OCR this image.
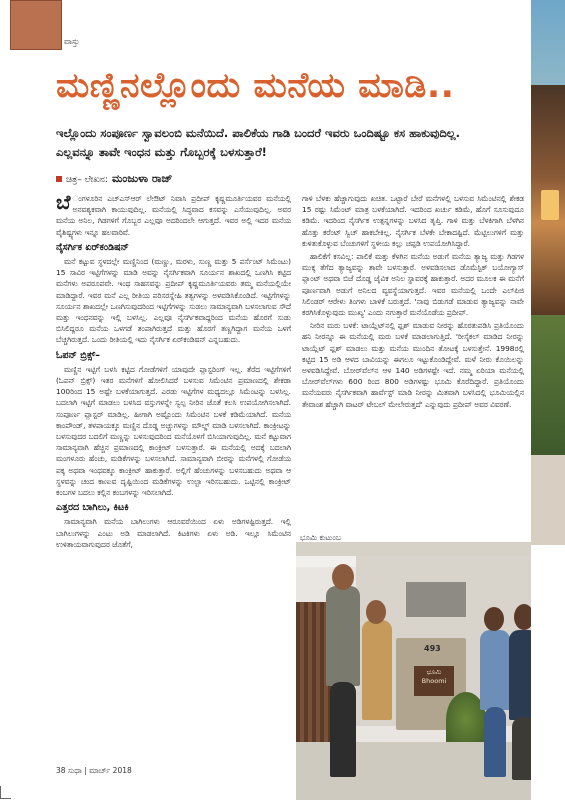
ವಾಸ್ತು
ಮಣ್ಣಿನಲ್ಲೊಂದು ಮನೆಯ ಮಾಡಿ..
ಇಲ್ಲೊಂದು ಸಂಪೂರ್ಣ ಸ್ವಾವಲಂಬಿ ಮನೆಯಿದೆ. ಪಾಲಿಕೆಯ ಗಾಡಿ ಬಂದರೆ ಇವರು ಒಂದಿಷ್ಟೂ ಕಸ ಹಾಕುವುದಿಲ್ಲ. ಎಲ್ಲವನ್ನೂ ತಾವೇ ಇಂಧನ ಮತ್ತು ಗೊಬ್ಬರಕ್ಕೆ ಬಳಸುತ್ತಾರೆ!
ಚಿತ್ರ– ಲೇಖನ: ಮಂಜುಳಾ ರಾಜ್

ಬೆ ಂಗಳೂರಿನ ಎಚ್‌ಎಸ್‌ಆರ್ ಲೇಔಟ್ ನಿವಾಸಿ ಪ್ರದೀಪ್ ಕೃಷ್ಣಮೂರ್ತಿಯವರ ಮನೆಯಲ್ಲಿ ಅನವಶ್ಯಕವಾಗಿ ಕಾಯುವುದಿಲ್ಲ. ಮನೆಯಲ್ಲಿ ಸಿದ್ಧವಾದ ಕಸವನ್ನು ಎಸೆಯುವುದಿಲ್ಲ. ಅವರ ಮನೆಯ ಅನಿಲ, ಗಿಡಗಳಿಗೆ ಗೊಬ್ಬರ ಎಲ್ಲವೂ ಅದರಿಂದಲೇ ಆಗುತ್ತದೆ. ಇವರ ಅಲ್ಲಿ ಇದರ ಮನೆಯ ವೈಶಿಷ್ಟ್ಯಗಳು ಇನ್ನೂ ಹಲವಾರಿವೆ.

ನೈಸರ್ಗಿಕ ಏರ್‌ಕಂಡಿಷನ್

ಮನೆ ಕಟ್ಟುವ ಸ್ಥಳದಲ್ಲೇ ಮಣ್ಣಿನಿಂದ (ಮಣ್ಣು, ಮರಳು, ಸುಣ್ಣ ಮತ್ತು 5 ಪರ್ಸೆಂಟ್ ಸಿಮೆಂಟು) 15 ಸಾವಿರ ಇಟ್ಟಿಗೆಗಳನ್ನು ಮಾಡಿ ಅವನ್ನು ನೈಸರ್ಗಿಕವಾಗಿ ಸೂರ್ಯನ ಶಾಖದಲ್ಲಿ ಒಣಗಿಸಿ ಕಟ್ಟಿದ ಮನೆಗಳು ಅಪರೂಪವೇ. ಇಂಥ ಸಾಹಸವನ್ನು ಪ್ರದೀಪ್ ಕೃಷ್ಣಮೂರ್ತಿಯವರು ತಮ್ಮ ಮನೆಯಲ್ಲಿಯೇ ಮಾಡಿದ್ದಾರೆ. ಇವರ ಮನೆ ಎಲ್ಲ ರೀತಿಯ ಪರಿಸರಸ್ನೇಹಿ ತತ್ವಗಳನ್ನು ಅಳವಡಿಸಿಕೊಂಡಿದೆ. ಇಟ್ಟಿಗೆಗಳನ್ನು ಸೂರ್ಯನ ಶಾಖದಲ್ಲೇ ಒಣಗಿಸುವುದರಿಂದ ಇಟ್ಟಿಗೆಗಳನ್ನು ಸುಡಲು ಸಾಮಾನ್ಯವಾಗಿ ಬಳಸಲಾಗುವ ಸೌದೆ ಮತ್ತು ಇಂಧನವನ್ನು ಇಲ್ಲಿ ಬಳಸಿಲ್ಲ. ಎಲ್ಲವೂ ನೈಸರ್ಗಿಕವಾದ್ದರಿಂದ ಮನೆಯ ಹೊರಗೆ ಸುಡು ಬಿಸಿಲಿದ್ದರೂ ಮನೆಯ ಒಳಗಡೆ ತಂಪಾಗಿರುತ್ತದೆ ಮತ್ತು ಹೊರಗೆ ತಣ್ಣಗಿದ್ದಾಗ ಮನೆಯ ಒಳಗೆ ಬೆಚ್ಚಗಿರುತ್ತದೆ. ಒಂದು ರೀತಿಯಲ್ಲಿ ಇದು ನೈಸರ್ಗಿಕ ಏರ್‌ಕಂಡಿಷನ್ ಎನ್ನಬಹುದು.

ಓಪನ್ ಬ್ರಿಕ್ಸ್‌–

ಮಣ್ಣಿನ ಇಟ್ಟಿಗೆ ಬಳಸಿ ಕಟ್ಟಿದ ಗೋಡೆಗಳಿಗೆ ಯಾವುದೇ ಪ್ಲಾಸ್ಟರಿಂಗ್ ಇಲ್ಲ. ತೆರೆದ ಇಟ್ಟಿಗೆಗಳಿಗೆ (ಓಪನ್ ಬ್ರಿಕ್ಸ್) ಇತರ ಮನೆಗಳಿಗೆ ಹೋಲಿಸಿದರೆ ಬಳಸುವ ಸಿಮೆಂಟಿನ ಪ್ರಮಾಣದಲ್ಲಿ ಶೇಕಡಾ 100ರಿಂದ 15 ಅಷ್ಟೇ ಬಳಕೆಯಾಗುತ್ತದೆ. ಎರಡು ಇಟ್ಟಿಗೆಗಳ ಮಧ್ಯದಲ್ಲೂ ಸಿಮೆಂಟನ್ನು ಬಳಸಿಲ್ಲ. ಬದಲಾಗಿ ಇಟ್ಟಿಗೆ ಮಾಡಲು ಬಳಸಿದ ವಸ್ತುಗಳನ್ನೇ ಸ್ವಲ್ಪ ನೀರಿನ ಜೊತೆ ಕಲಸಿ ಉಪಯೋಗಿಸಲಾಗಿದೆ. ಸಂಪೂರ್ಣ ಪ್ಲಾಸ್ಟರ್ ಮಾಡಿಲ್ಲ. ಹೀಗಾಗಿ ಅಷ್ಟೊಂದು ಸಿಮೆಂಟಿನ ಬಳಕೆ ಕಡಿಮೆಯಾಗಿದೆ. ಮನೆಯ ಕಾಂಪೌಂಡ್, ತಳಪಾಯಕ್ಕೂ ಮಣ್ಣಿನ ದೊಡ್ಡ ಅಚ್ಚುಗಳನ್ನು ಮೌಲ್ಡ್ ಮಾಡಿ ಬಳಸಲಾಗಿದೆ. ಕಾಂಕ್ರೀಟನ್ನು ಬಳಸುವುದರ ಬದಲಿಗೆ ಮಣ್ಣನ್ನು ಬಳಸುವುದರಿಂದ ಮನೆಯೊಳಗೆ ಬಿಸಿಯಾಗುವುದಿಲ್ಲ. ಮನೆ ಕಟ್ಟುವಾಗ ಸಾಮಾನ್ಯವಾಗಿ ಹೆಚ್ಚಿನ ಪ್ರಮಾಣದಲ್ಲಿ ಕಾಂಕ್ರೀಟ್ ಬಳಸುತ್ತಾರೆ. ಈ ಮನೆಯಲ್ಲಿ ಅದಕ್ಕೆ ಬದಲಾಗಿ ಮಂಗಳೂರು ಹೆಂಚು, ಮಡಿಕೆಗಳನ್ನು ಬಳಸಲಾಗಿದೆ. ಸಾಮಾನ್ಯವಾಗಿ ಬೀರನ್ನು ಮನೆಗಳಲ್ಲಿ ಗೋಡೆಯ ಪಕ್ಕ ಅಥವಾ ಇಂಥವಕ್ಕೂ ಕಾಂಕ್ರೀಟ್ ಹಾಕುತ್ತಾರೆ. ಅಲ್ಲಿಗೆ ಹೆಂಚುಗಳನ್ನು ಬಳಸಬಹುದು ಅಥವಾ ಆ ಸ್ಥಳವನ್ನು ಚಂದ ಕಾಣುವ ದೃಷ್ಟಿಯಿಂದ ಮಡಿಕೆಗಳನ್ನು ಉಲ್ಟಾ ಇರಿಸಬಹುದು. ಒಟ್ಟಿನಲ್ಲಿ ಕಾಂಕ್ರೀಟ್ ಕಂಬಗಳ ಬದಲು ಕಲ್ಲಿನ ಕಂಬಗಳನ್ನು ಇರಿಸಲಾಗಿದೆ.

ಎತ್ತರದ ಬಾಗಿಲು, ಕಿಟಕಿ

ಸಾಮಾನ್ಯವಾಗಿ ಮನೆಯ ಬಾಗಿಲುಗಳು ಆರೂವರೆಯಿಂದ ಏಳು ಅಡಿಗಳಷ್ಟಿರುತ್ತದೆ. ಇಲ್ಲಿ ಬಾಗಿಲುಗಳನ್ನು ಎಂಟು ಅಡಿ ಮಾಡಲಾಗಿದೆ. ಕಿಟಕಿಗಳು ಏಳು ಅಡಿ. ಇಲ್ಲೂ ಸಿಮೆಂಟಿನ ಉಳಿತಾಯವಾಗುವುದರ ಜೊತೆಗೆ,

ಗಾಳಿ ಬೆಳಕು ಹೆಚ್ಚಾಗುವುದು ಖಚಿತ. ಒಟ್ಟಾರೆ ಬೇರೆ ಮನೆಗಳಲ್ಲಿ ಬಳಸುವ ಸಿಮೆಂಟಿನಲ್ಲಿ ಶೇಕಡ 15 ರಷ್ಟು ಸಿಮೆಂಟ್ ಮಾತ್ರ ಬಳಕೆಯಾಗಿದೆ. ಇದರಿಂದ ಖರ್ಚು ಕಡಿಮೆ, ಹೊಗೆ ಸೂಸುವುದೂ ಕಡಿಮೆ. ಇದರಿಂದ ನೈಸರ್ಗಿಕ ಉತ್ಪನ್ನಗಳನ್ನು ಬಳಸಿದ ತೃಪ್ತಿ. ಗಾಳಿ ಮತ್ತು ಬೆಳಕಿಗಾಗಿ ಬೆಳಗಿನ ಹೊತ್ತು ಕರೆಂಟ್ ಸ್ವಿಚ್ ಹಾಕಬೇಕಿಲ್ಲ. ನೈಸರ್ಗಿಕ ಬೆಳಕೇ ಬೇಕಾದಷ್ಟಿದೆ. ಮೆಟ್ಟಿಲುಗಳಿಗೆ ಮತ್ತು ಕುಳಿತುಕೊಳ್ಳುವ ಬೆಂಚುಗಳಿಗೆ ಸ್ಥಳೀಯ ಕಲ್ಲು ಚಪ್ಪಡಿ ಉಪಯೋಗಿಸಿದ್ದಾರೆ.

ಹಾಲಿಕೆಗೆ ಕಸವಿಲ್ಲ: ಪಾಲಿಕೆ ಮತ್ತು ಕೆಳಗಿನ ಮನೆಯ ಅಡುಗೆ ಮನೆಯ ತ್ಯಾಜ್ಯ ಮತ್ತು ಗಿಡಗಳ ಮುಕ್ಕ ತೆಗೆದ ತ್ಯಾಜ್ಯವನ್ನು ತಾವೇ ಬಳಸುತ್ತಾರೆ. ಅಳವಡಿಸಲಾದ ಡೊಮೆಸ್ಟಿಕ್ ಬಯೋಗ್ಯಾಸ್ ಪ್ಲಾಂಟ್ ಅಥವಾ ಬಿಜೆ ದೊಡ್ಡ ಜೈವಿಕ ಅನಿಲ ಸ್ಥಾವರಕ್ಕೆ ಹಾಕುತ್ತಾರೆ. ಅದರ ಮೂಲಕ ಈ ಮನೆಗೆ ಪೂರ್ಣವಾಗಿ ಅಡುಗೆ ಅನಿಲದ ವ್ಯವಸ್ಥೆಯಾಗುತ್ತದೆ. ಇವರ ಮನೆಯಲ್ಲಿ ಒಂದೇ ಎಲ್‌ಪಿಜಿ ಸಿಲಿಂಡರ್ ಆರೇಳು ತಿಂಗಳು ಬಾಳಿಕೆ ಬರುತ್ತದೆ. 'ನಾವು ಬಿಡುಗಡೆ ಮಾಡುವ ತ್ಯಾಜ್ಯವನ್ನು ನಾವೇ ಕರಗಿಸಿಕೊಳ್ಳುವುದು ಮುಖ್ಯ' ಎಂದು ನಗುತ್ತಾರೆ ಮನೆಯೊಡೆಯ ಪ್ರದೀಪ್.

ನೀರಿನ ಮರು ಬಳಕೆ: ಟಾಯ್ಲೆಟ್‌ನಲ್ಲಿ ಫ್ಲಶ್ ಮಾಡುವ ನೀರನ್ನು ಹೊರತುಪಡಿಸಿ ಪ್ರತಿಯೊಂದು ಹನಿ ನೀರನ್ನೂ ಈ ಮನೆಯಲ್ಲಿ ಮರು ಬಳಕೆ ಮಾಡಲಾಗುತ್ತಿದೆ. 'ರೀಸೈಕಲ್ ಮಾಡಿದ ನೀರನ್ನು ಟಾಯ್ಲೆಟ್ ಫ್ಲಶ್ ಮಾಡಲು ಮತ್ತು ಮನೆಯ ಮುಂದಿನ ತೋಟಕ್ಕೆ ಬಳಸುತ್ತೇನೆ. 1998ರಲ್ಲಿ ಕಟ್ಟಿದ 15 ಅಡಿ ಆಳದ ಬಾವಿಯನ್ನು ಈಗಲೂ ಇಟ್ಟುಕೊಂಡಿದ್ದೇವೆ. ಮಳೆ ನೀರು ಕೊಯಿಲನ್ನು ಅಳವಡಿಸಿದ್ದೇವೆ. ಬೋರ್‌ವೆಲ್‌ನ ಆಳ 140 ಅಡಿಗಳಷ್ಟೇ ಇದೆ. ನಮ್ಮ ಏರಿಯಾ ಮನೆಯಲ್ಲಿ ಬೋರ್‌ವೆಲ್‌ಗಳು 600 ರಿಂದ 800 ಅಡಿಗಳಷ್ಟು ಭೂಮಿ ಕೊರೆದಿದ್ದಾರೆ. ಪ್ರತಿಯೊಂದು ಮನೆಯವರು ನೈಸರ್ಗಿಕವಾಗಿ ಹಾರ್ವೆಸ್ಟ್ ಮಾಡಿ ನೀರನ್ನು ಮಿತವಾಗಿ ಬಳಸಿದಲ್ಲಿ ಭೂಮಿಯಲ್ಲಿನ ತೇವಾಂಶ ಹೆಚ್ಚಾಗಿ ವಾಟರ್ ಟೇಬಲ್ ಮೇಲೇರುತ್ತದೆ' ಎನ್ನುವುದು ಪ್ರದೀಪ್ ಅವರ ವಿವರಣೆ.

ಭೂಮಿ ಕುಟುಂಬ
493
ಭೂಮಿ
Bhoomi
38 ಸುಧಾ | ಮಾರ್ಚ್ 2018
